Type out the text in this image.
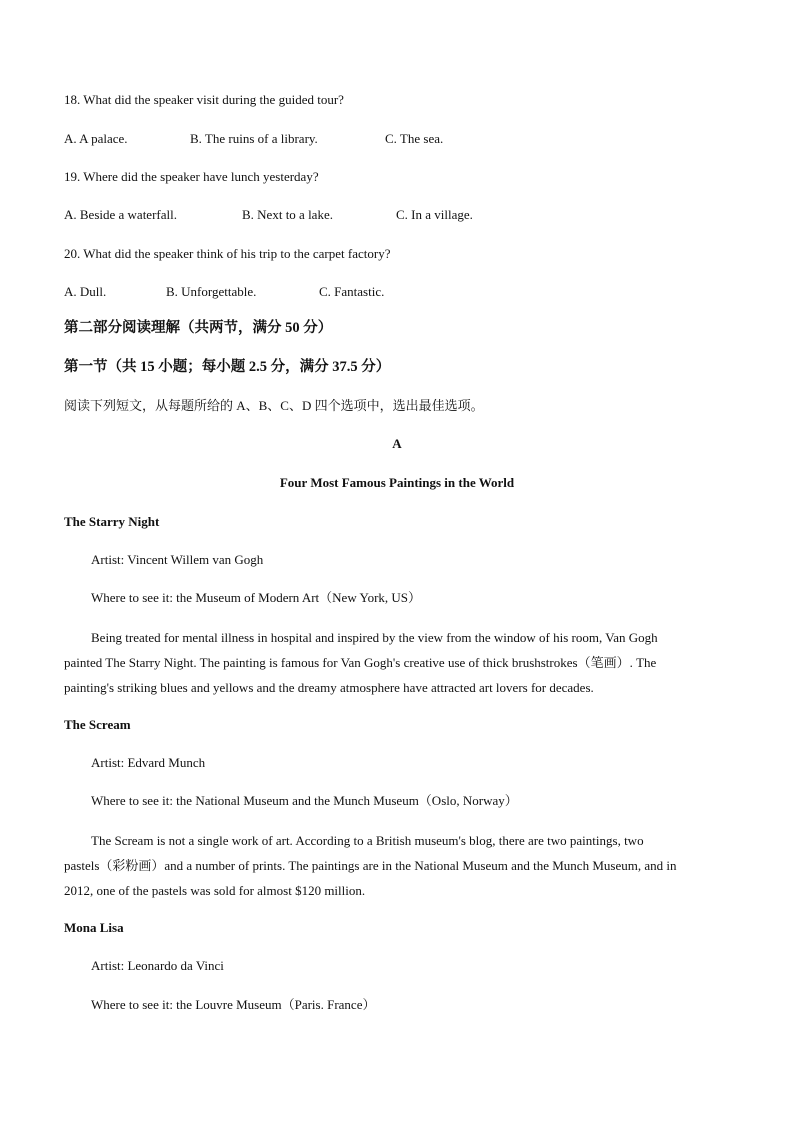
18. What did the speaker visit during the guided tour?
A. A palace.	B. The ruins of a library.	C. The sea.
19. Where did the speaker have lunch yesterday?
A. Beside a waterfall.	B. Next to a lake.	C. In a village.
20. What did the speaker think of his trip to the carpet factory?
A. Dull.	B. Unforgettable.	C. Fantastic.
第二部分阅读理解（共两节，满分 50 分）
第一节（共 15 小题；每小题 2.5 分，满分 37.5 分）
阅读下列短文，从每题所给的 A、B、C、D 四个选项中，选出最佳选项。
A
Four Most Famous Paintings in the World
The Starry Night
Artist: Vincent Willem van Gogh
Where to see it: the Museum of Modern Art（New York, US）
Being treated for mental illness in hospital and inspired by the view from the window of his room, Van Gogh
painted The Starry Night. The painting is famous for Van Gogh's creative use of thick brushstrokes（笔画）. The
painting's striking blues and yellows and the dreamy atmosphere have attracted art lovers for decades.
The Scream
Artist: Edvard Munch
Where to see it: the National Museum and the Munch Museum（Oslo, Norway）
The Scream is not a single work of art. According to a British museum's blog, there are two paintings, two
pastels（彩粉画）and a number of prints. The paintings are in the National Museum and the Munch Museum, and in
2012, one of the pastels was sold for almost $120 million.
Mona Lisa
Artist: Leonardo da Vinci
Where to see it: the Louvre Museum（Paris. France）
